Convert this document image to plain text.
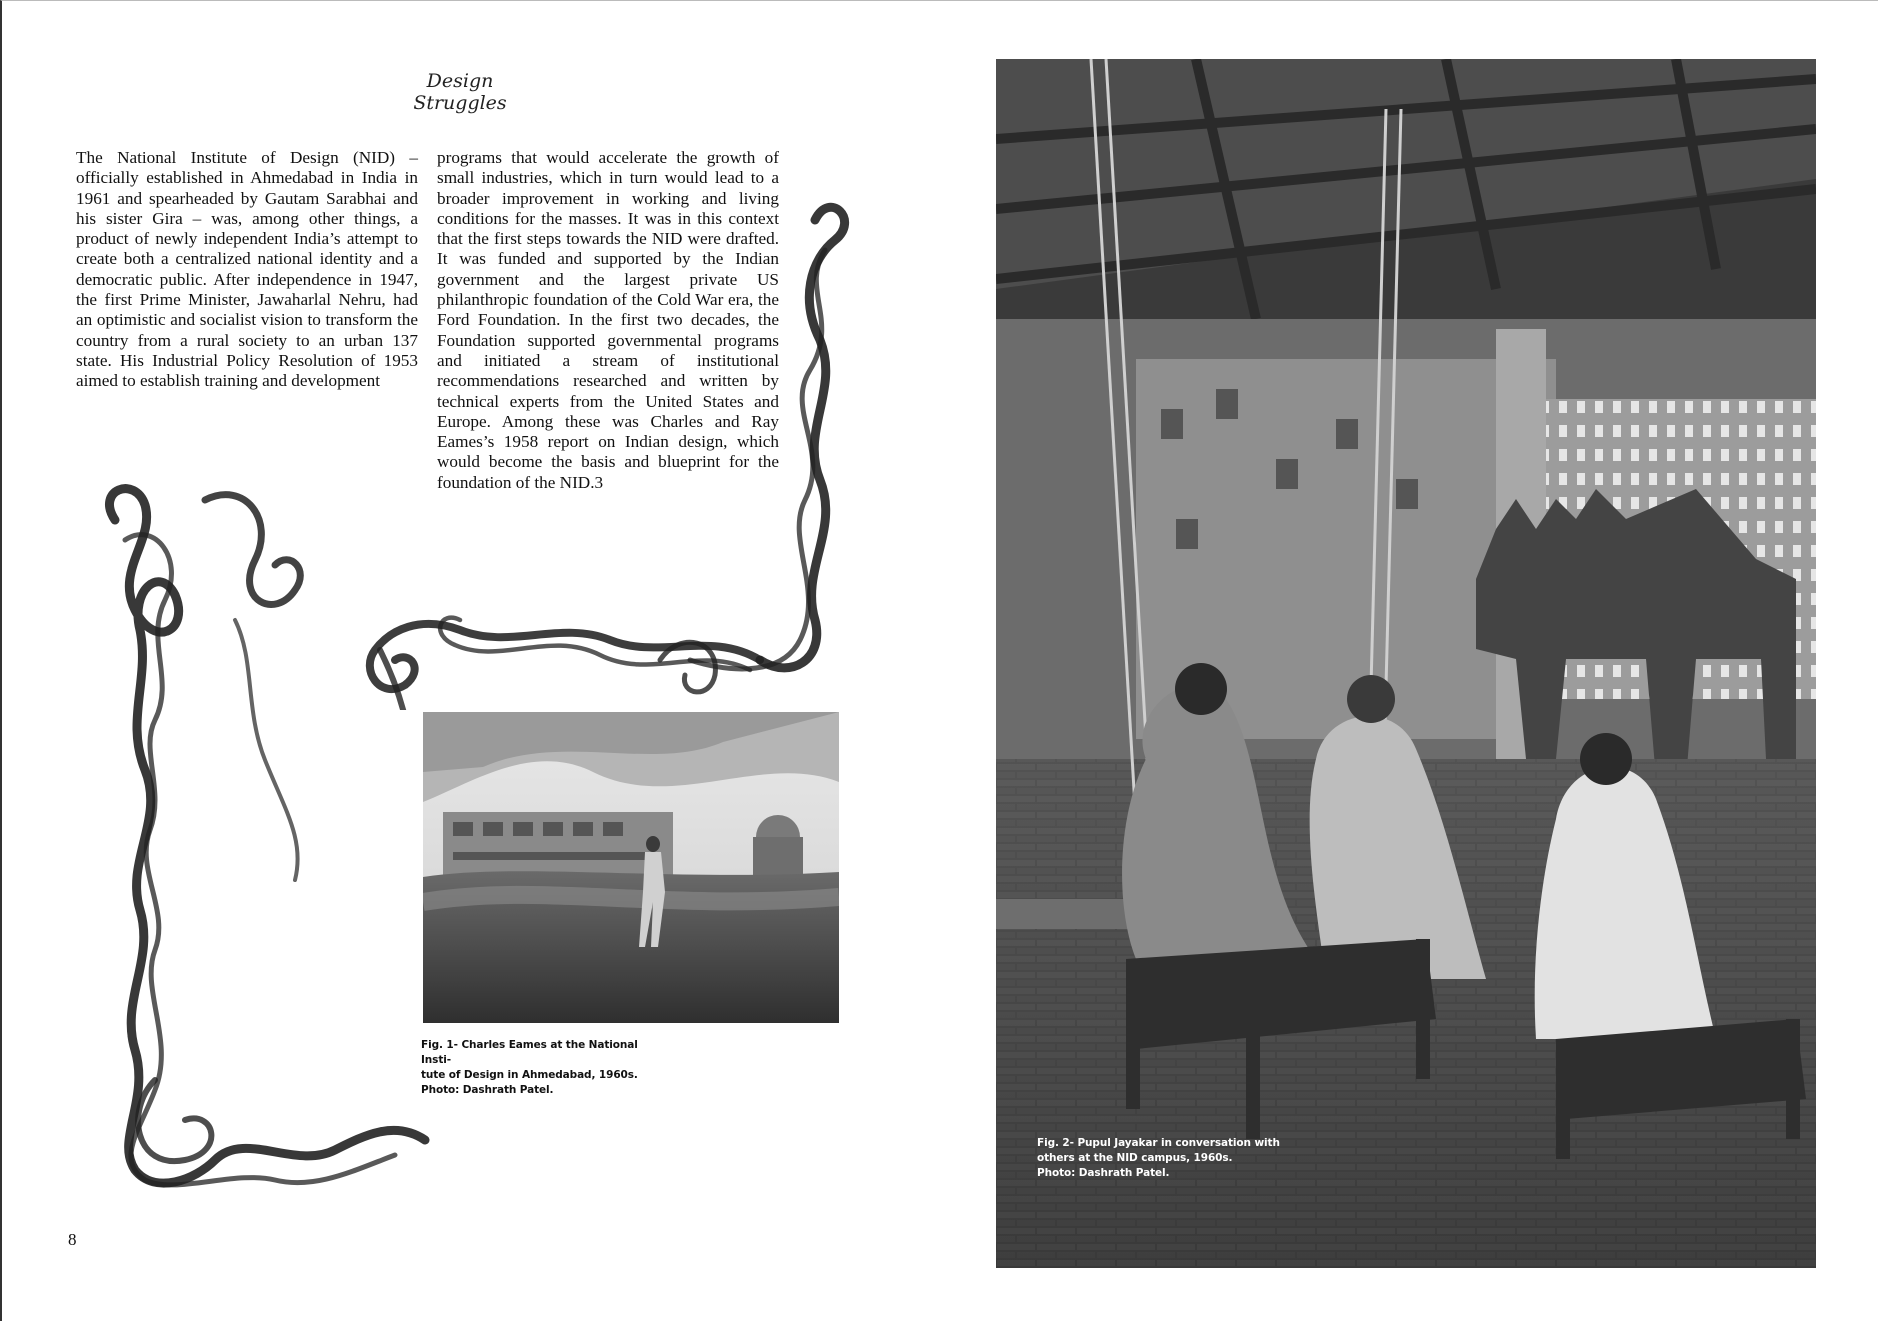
Design Struggles

The National Institute of Design (NID) – officially established in Ahmedabad in India in 1961 and spearheaded by Gautam Sarabhai and his sister Gira – was, among other things, a product of newly independent India’s attempt to create both a centralized national identity and a democratic public. After independence in 1947, the first Prime Minister, Jawaharlal Nehru, had an optimistic and socialist vision to transform the country from a rural society to an urban 137 state. His Industrial Policy Resolution of 1953 aimed to establish training and development

programs that would accelerate the growth of small industries, which in turn would lead to a broader improvement in working and living conditions for the masses. It was in this context that the first steps towards the NID were drafted. It was funded and supported by the Indian government and the largest private US philanthropic foundation of the Cold War era, the Ford Foundation. In the first two decades, the Foundation supported governmental programs and initiated a stream of institutional recommendations researched and written by technical experts from the United States and Europe. Among these was Charles and Ray Eames’s 1958 report on Indian design, which would become the basis and blueprint for the foundation of the NID.3

Fig. 1- Charles Eames at the National Insti-
tute of Design in Ahmedabad, 1960s.
Photo: Dashrath Patel.
Fig. 2- Pupul Jayakar in conversation with
others at the NID campus, 1960s.
Photo: Dashrath Patel.
8
